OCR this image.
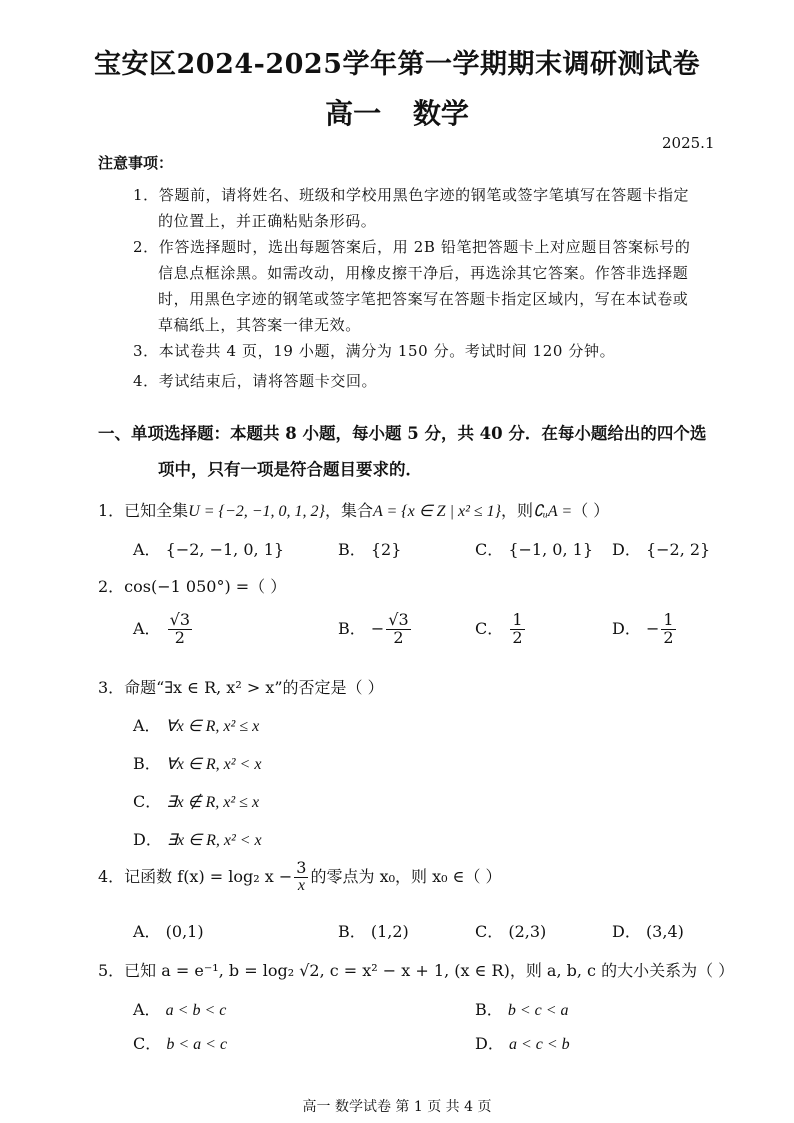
宝安区2024-2025学年第一学期期末调研测试卷
高一 数学
2025.1
注意事项：
1．答题前，请将姓名、班级和学校用黑色字迹的钢笔或签字笔填写在答题卡指定
的位置上，并正确粘贴条形码。
2．作答选择题时，选出每题答案后，用 2B 铅笔把答题卡上对应题目答案标号的
信息点框涂黑。如需改动，用橡皮擦干净后，再选涂其它答案。作答非选择题
时，用黑色字迹的钢笔或签字笔把答案写在答题卡指定区域内，写在本试卷或
草稿纸上，其答案一律无效。
3．本试卷共 4 页，19 小题，满分为 150 分。考试时间 120 分钟。
4．考试结束后，请将答题卡交回。
一、单项选择题：本题共 8 小题，每小题 5 分，共 40 分．在每小题给出的四个选
项中，只有一项是符合题目要求的．
1．已知全集U = {−2, −1, 0, 1, 2}，集合A = {x ∈ Z | x² ≤ 1}，则∁ᵤA =（ ）
A． {−2, −1, 0, 1}	B． {2}	C． {−1, 0, 1} D． {−2, 2}
2．cos(−1 050°) =（ ）
A． $\frac{√3}{2}$	B． − $\frac{√3}{2}$	C． $\frac{1}{2}$	D． − $\frac{1}{2}$
3．命题“∃x ∈ R, x² > x”的否定是（ ）
A． ∀x ∈ R, x² ≤ x
B． ∀x ∈ R, x² < x
C． ∃x ∉ R, x² ≤ x
D． ∃x ∈ R, x² < x
4．记函数 f(x) = log₂ $x - \frac{3}{x}$ 的零点为 x₀，则 x₀ ∈（ ）
A． (0,1)	B． (1,2)	C． (2,3)	D． (3,4)
5．已知 a = e⁻¹, b = log₂ √2, c = x² − x + 1, (x ∈ R)，则 a, b, c 的大小关系为（ ）
A． a < b < c	B． b < c < a
C． b < a < c	D． a < c < b
高一 数学试卷 第 1 页 共 4 页
